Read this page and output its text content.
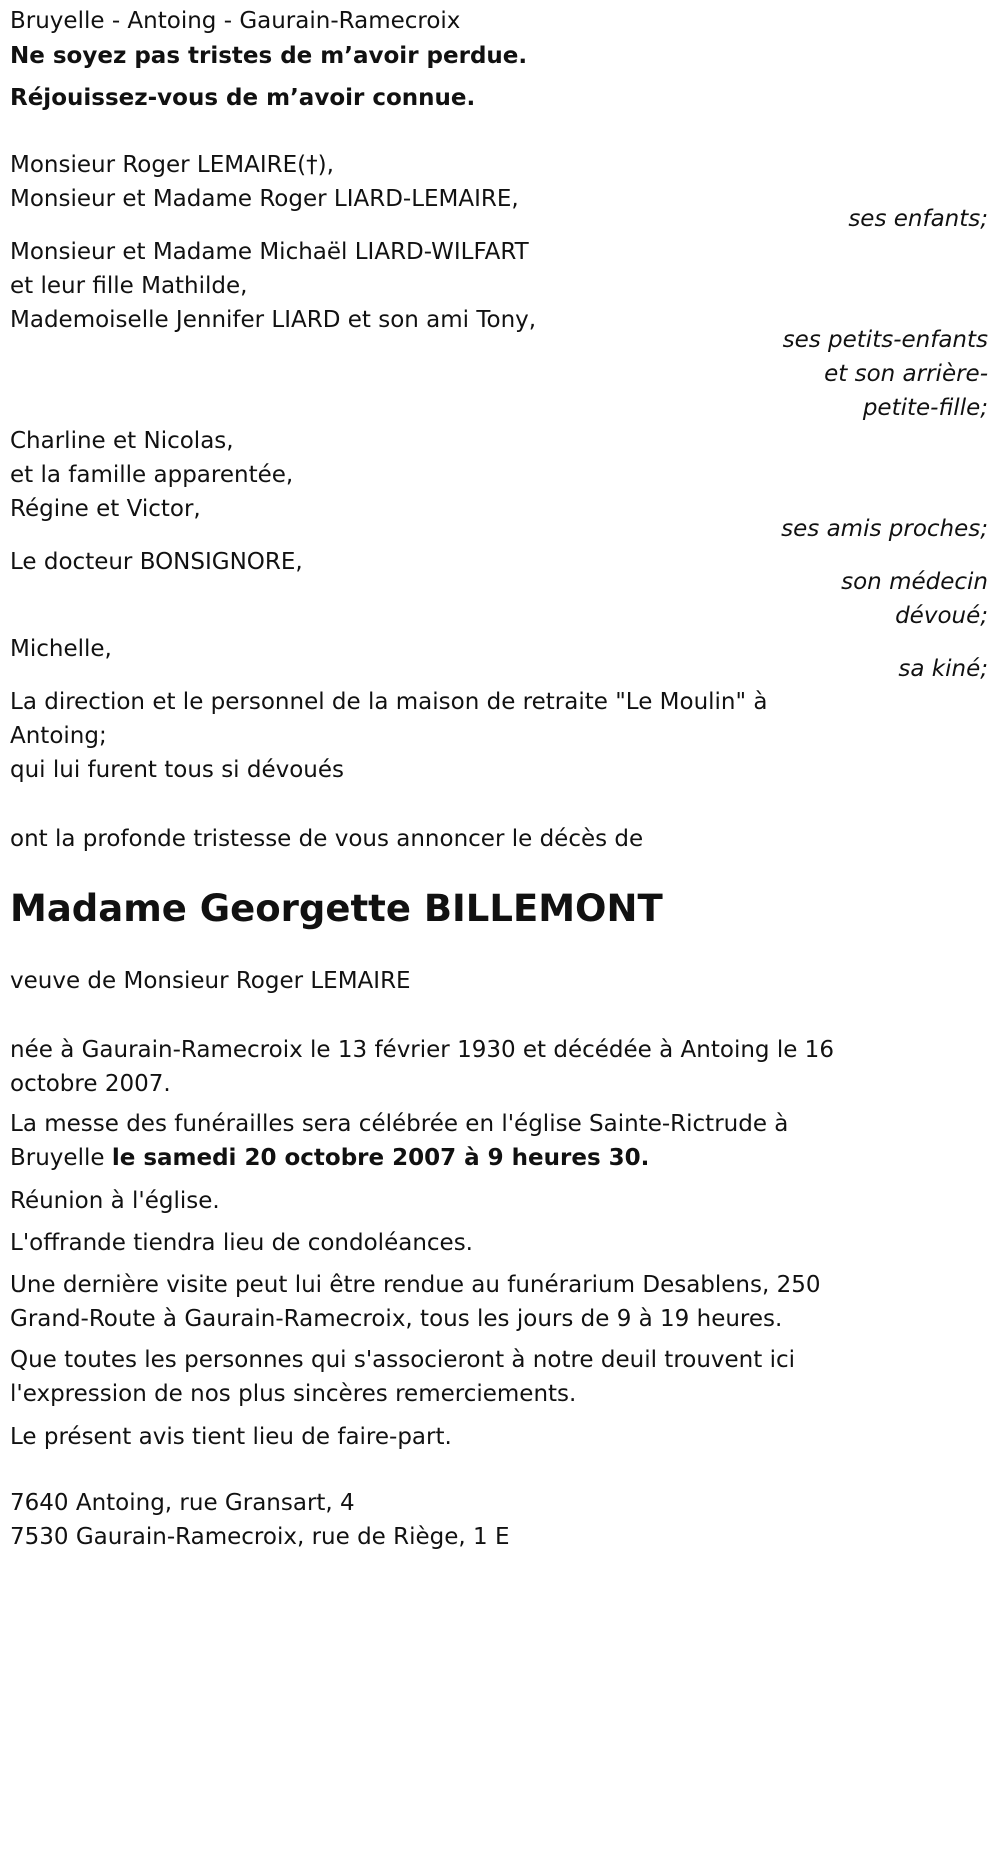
Bruyelle - Antoing - Gaurain-Ramecroix

Ne soyez pas tristes de m’avoir perdue.

Réjouissez-vous de m’avoir connue.

Monsieur Roger LEMAIRE(†),

Monsieur et Madame Roger LIARD-LEMAIRE,

ses enfants;

Monsieur et Madame Michaël LIARD-WILFART

et leur fille Mathilde,

Mademoiselle Jennifer LIARD et son ami Tony,

ses petits-enfants

et son arrière-

petite-fille;

Charline et Nicolas,

et la famille apparentée,

Régine et Victor,

ses amis proches;

Le docteur BONSIGNORE,

son médecin

dévoué;

Michelle,

sa kiné;

La direction et le personnel de la maison de retraite "Le Moulin" à

Antoing;

qui lui furent tous si dévoués

ont la profonde tristesse de vous annoncer le décès de

Madame Georgette BILLEMONT

veuve de Monsieur Roger LEMAIRE

née à Gaurain-Ramecroix le 13 février 1930 et décédée à Antoing le 16

octobre 2007.

La messe des funérailles sera célébrée en l'église Sainte-Rictrude à

Bruyelle le samedi 20 octobre 2007 à 9 heures 30.

Réunion à l'église.

L'offrande tiendra lieu de condoléances.

Une dernière visite peut lui être rendue au funérarium Desablens, 250

Grand-Route à Gaurain-Ramecroix, tous les jours de 9 à 19 heures.

Que toutes les personnes qui s'associeront à notre deuil trouvent ici

l'expression de nos plus sincères remerciements.

Le présent avis tient lieu de faire-part.

7640 Antoing, rue Gransart, 4

7530 Gaurain-Ramecroix, rue de Riège, 1 E
